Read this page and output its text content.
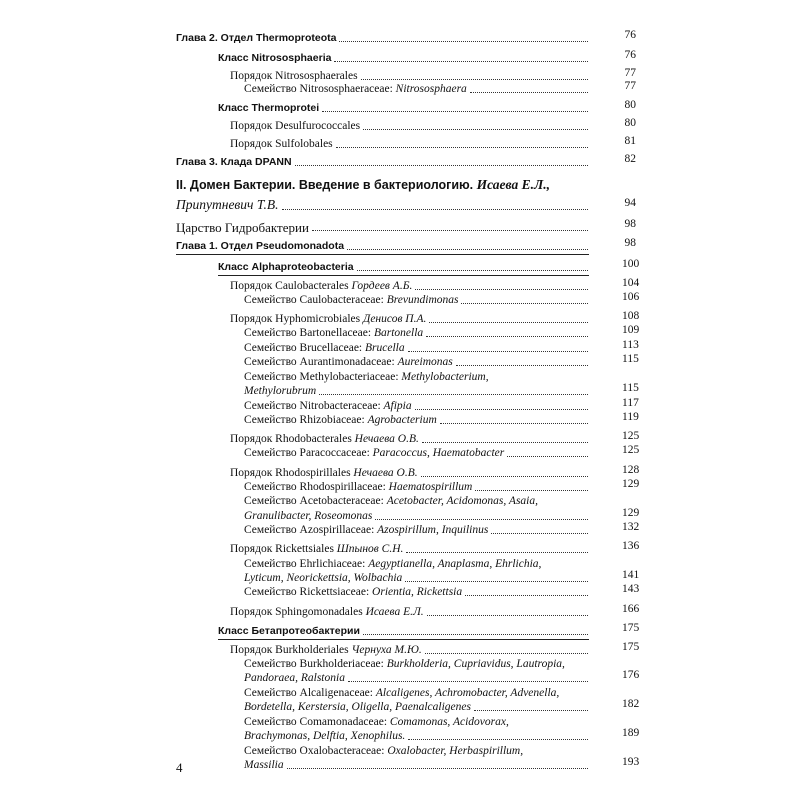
Глава 2. Отдел Thermoproteota	76
Класс Nitrososphaeria	76
Порядок Nitrososphaerales	77
Семейство Nitrososphaeraceae: Nitrososphaera	77
Класс Thermoprotei	80
Порядок Desulfurococcales	80
Порядок Sulfolobales	81
Глава 3. Клада DPANN	82
II. Домен Бактерии. Введение в бактериологию. Исаева Е.Л.,
Припутневич Т.В.	94
Царство Гидробактерии	98
Глава 1. Отдел Pseudomonadota	98
Класс Alphaproteobacteria	100
Порядок Caulobacterales Гордеев А.Б.	104
Семейство Caulobacteraceae: Brevundimonas	106
Порядок Hyphomicrobiales Денисов П.А.	108
Семейство Bartonellaceae: Bartonella	109
Семейство Brucellaceae: Brucella	113
Семейство Aurantimonadaceae: Aureimonas	115
Семейство Methylobacteriaceae: Methylobacterium,
Methylorubrum	115
Семейство Nitrobacteraceae: Afipia	117
Семейство Rhizobiaceae: Agrobacterium	119
Порядок Rhodobacterales Нечаева О.В.	125
Семейство Paracoccaceae: Paracoccus, Haematobacter	125
Порядок Rhodospirillales Нечаева О.В.	128
Семейство Rhodospirillaceae: Haematospirillum	129
Семейство Acetobacteraceae: Acetobacter, Acidomonas, Asaia,
Granulibacter, Roseomonas	129
Семейство Azospirillaceae: Azospirillum, Inquilinus	132
Порядок Rickettsiales Шпынов С.Н.	136
Семейство Ehrlichiaceae: Aegyptianella, Anaplasma, Ehrlichia,
Lyticum, Neorickettsia, Wolbachia	141
Семейство Rickettsiaceae: Orientia, Rickettsia	143
Порядок Sphingomonadales Исаева Е.Л.	166
Класс Бетапротеобактерии	175
Порядок Burkholderiales Чернуха М.Ю.	175
Семейство Burkholderiaceae: Burkholderia, Cupriavidus, Lautropia,
Pandoraea, Ralstonia	176
Семейство Alcaligenaceae: Alcaligenes, Achromobacter, Advenella,
Bordetella, Kerstersia, Oligella, Paenalcaligenes	182
Семейство Comamonadaceae: Comamonas, Acidovorax,
Brachymonas, Delftia, Xenophilus.	189
Семейство Oxalobacteraceae: Oxalobacter, Herbaspirillum,
Massilia	193
4
